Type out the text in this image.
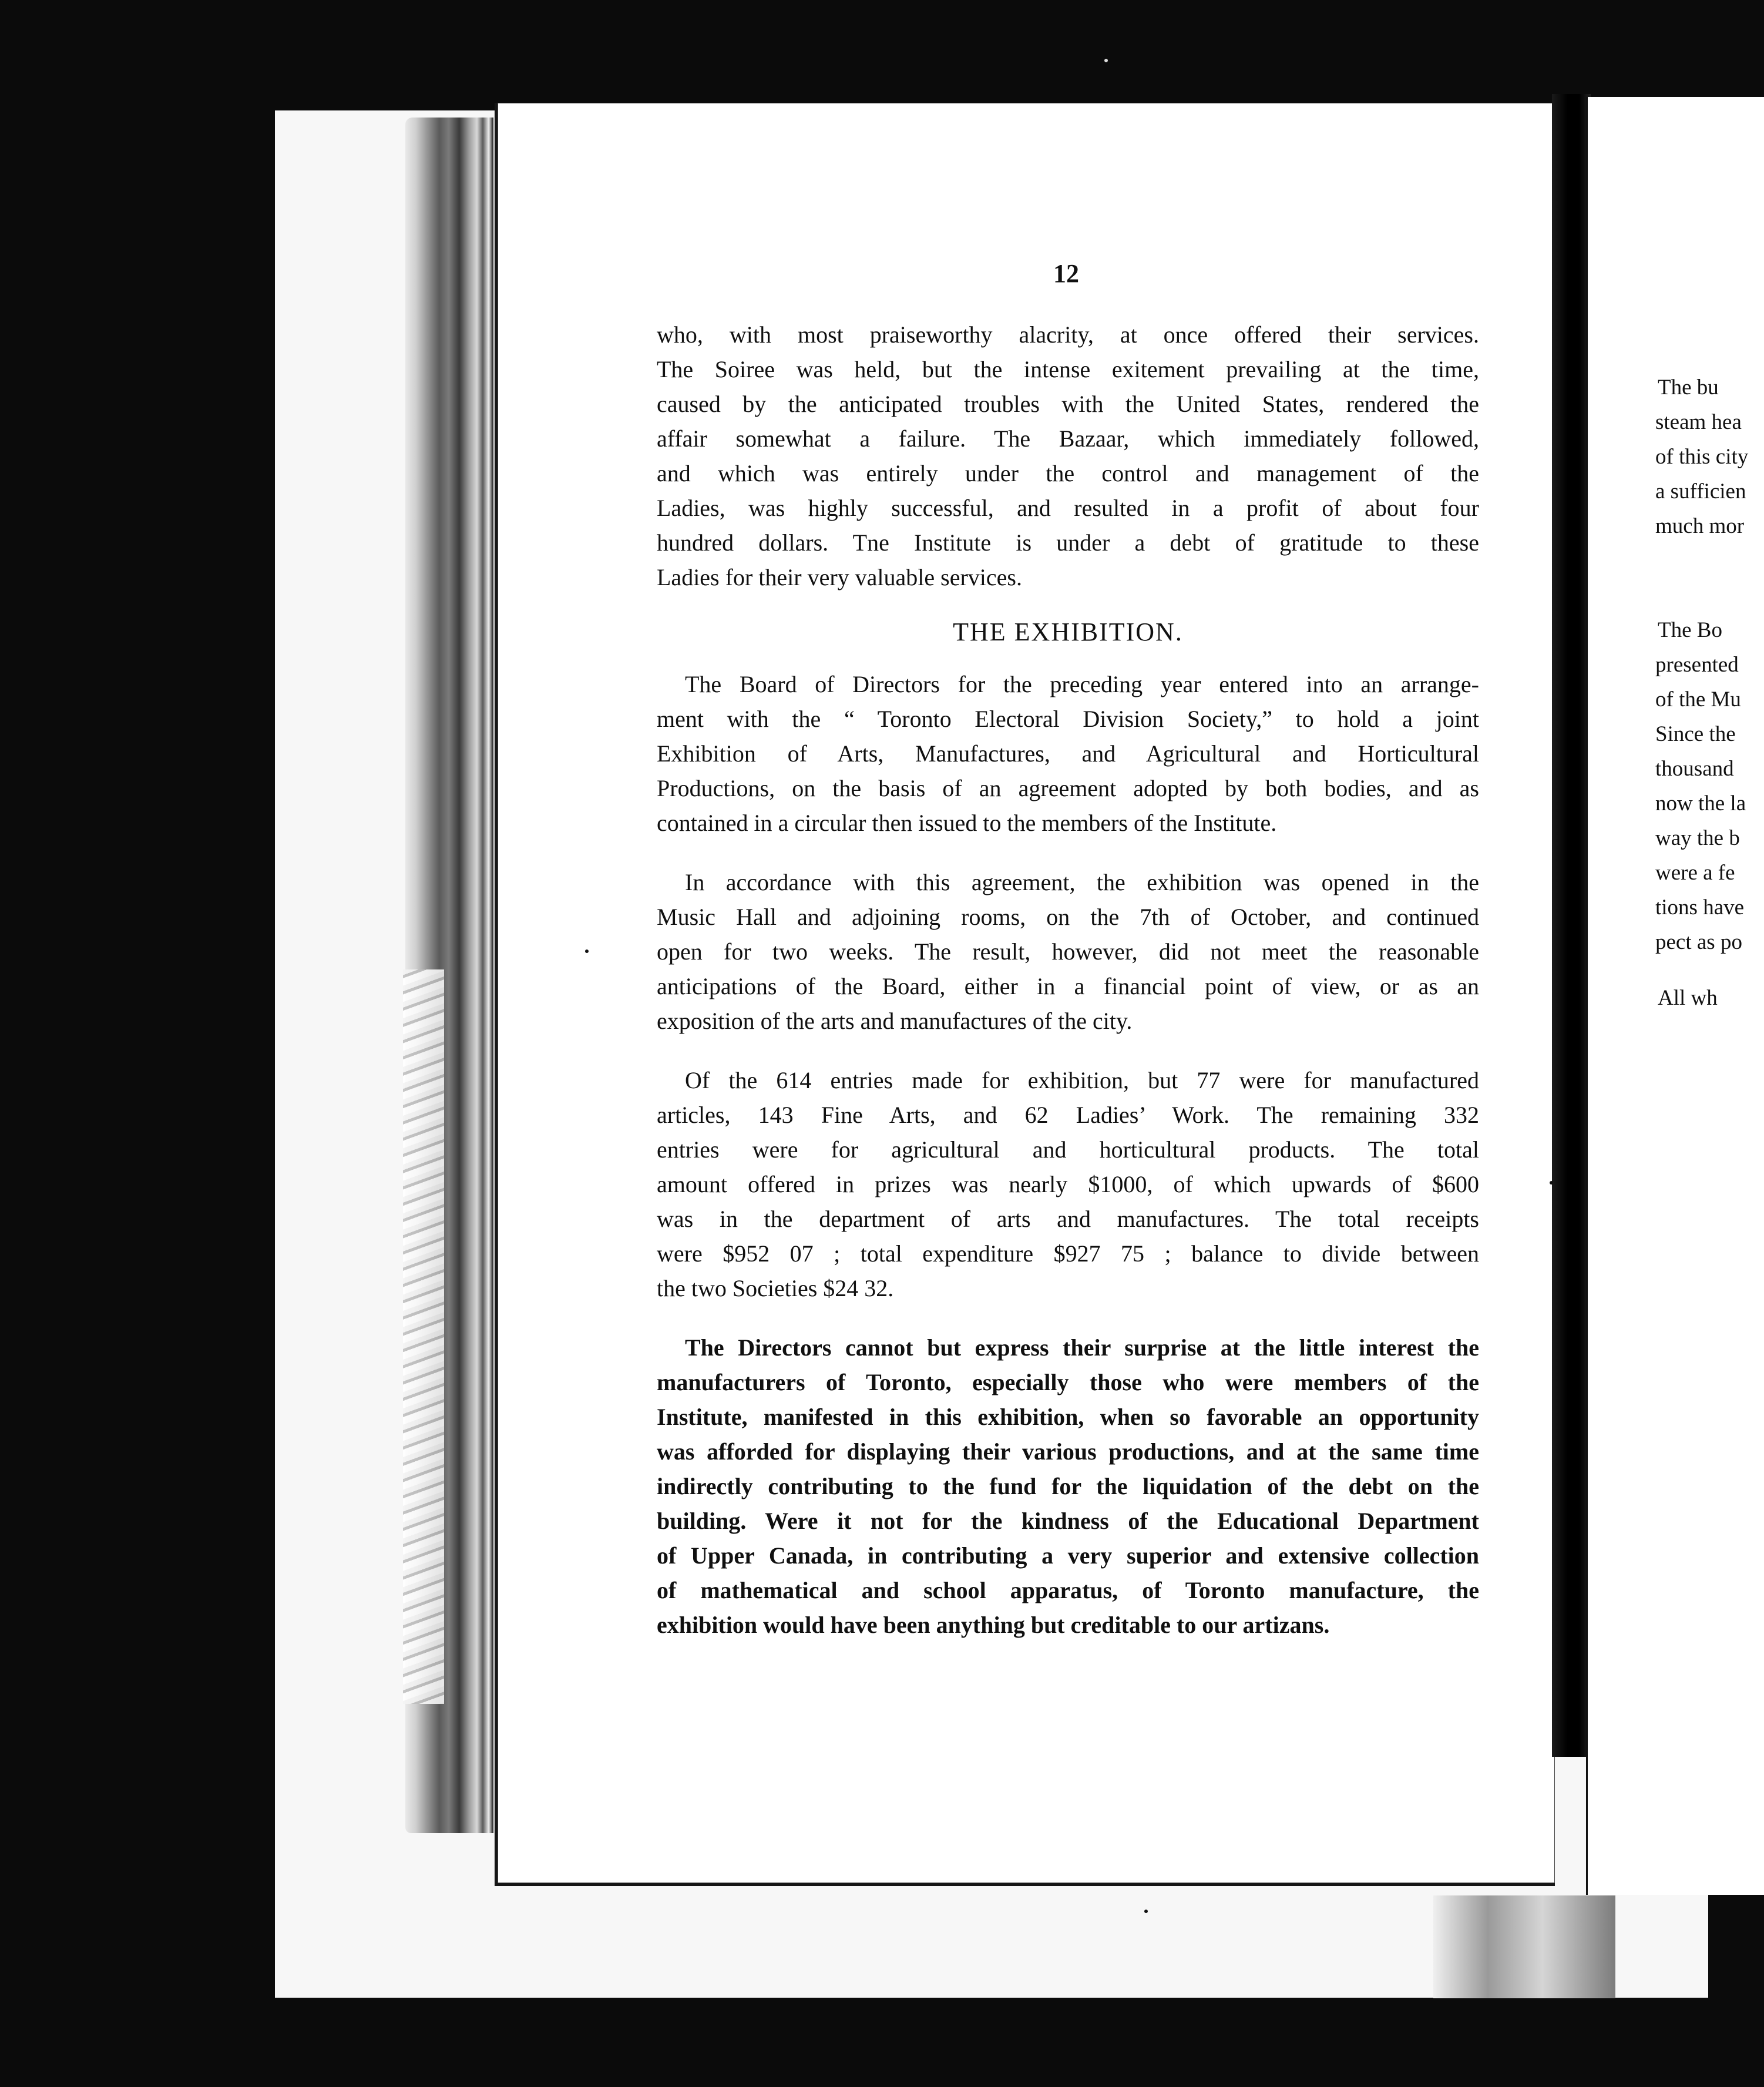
12
who, with most praiseworthy alacrity, at once offered their services.
The Soiree was held, but the intense exitement prevailing at the time,
caused by the anticipated troubles with the United States, rendered the
affair somewhat a failure. The Bazaar, which immediately followed,
and which was entirely under the control and management of the
Ladies, was highly successful, and resulted in a profit of about four
hundred dollars. Tne Institute is under a debt of gratitude to these
Ladies for their very valuable services.
THE EXHIBITION.
The Board of Directors for the preceding year entered into an arrange-
ment with the “ Toronto Electoral Division Society,” to hold a joint
Exhibition of Arts, Manufactures, and Agricultural and Horticultural
Productions, on the basis of an agreement adopted by both bodies, and as
contained in a circular then issued to the members of the Institute.
In accordance with this agreement, the exhibition was opened in the
Music Hall and adjoining rooms, on the 7th of October, and continued
open for two weeks. The result, however, did not meet the reasonable
anticipations of the Board, either in a financial point of view, or as an
exposition of the arts and manufactures of the city.
Of the 614 entries made for exhibition, but 77 were for manufactured
articles, 143 Fine Arts, and 62 Ladies’ Work. The remaining 332
entries were for agricultural and horticultural products. The total
amount offered in prizes was nearly $1000, of which upwards of $600
was in the department of arts and manufactures. The total receipts
were $952 07 ; total expenditure $927 75 ; balance to divide between
the two Societies $24 32.
The Directors cannot but express their surprise at the little interest the
manufacturers of Toronto, especially those who were members of the
Institute, manifested in this exhibition, when so favorable an opportunity
was afforded for displaying their various productions, and at the same time
indirectly contributing to the fund for the liquidation of the debt on the
building. Were it not for the kindness of the Educational Department
of Upper Canada, in contributing a very superior and extensive collection
of mathematical and school apparatus, of Toronto manufacture, the
exhibition would have been anything but creditable to our artizans.
The bu
steam hea
of this city
a sufficien
much mor
The Bo
presented
of the Mu
Since the
thousand
now the la
way the b
were a fe
tions have
pect as po
All wh
